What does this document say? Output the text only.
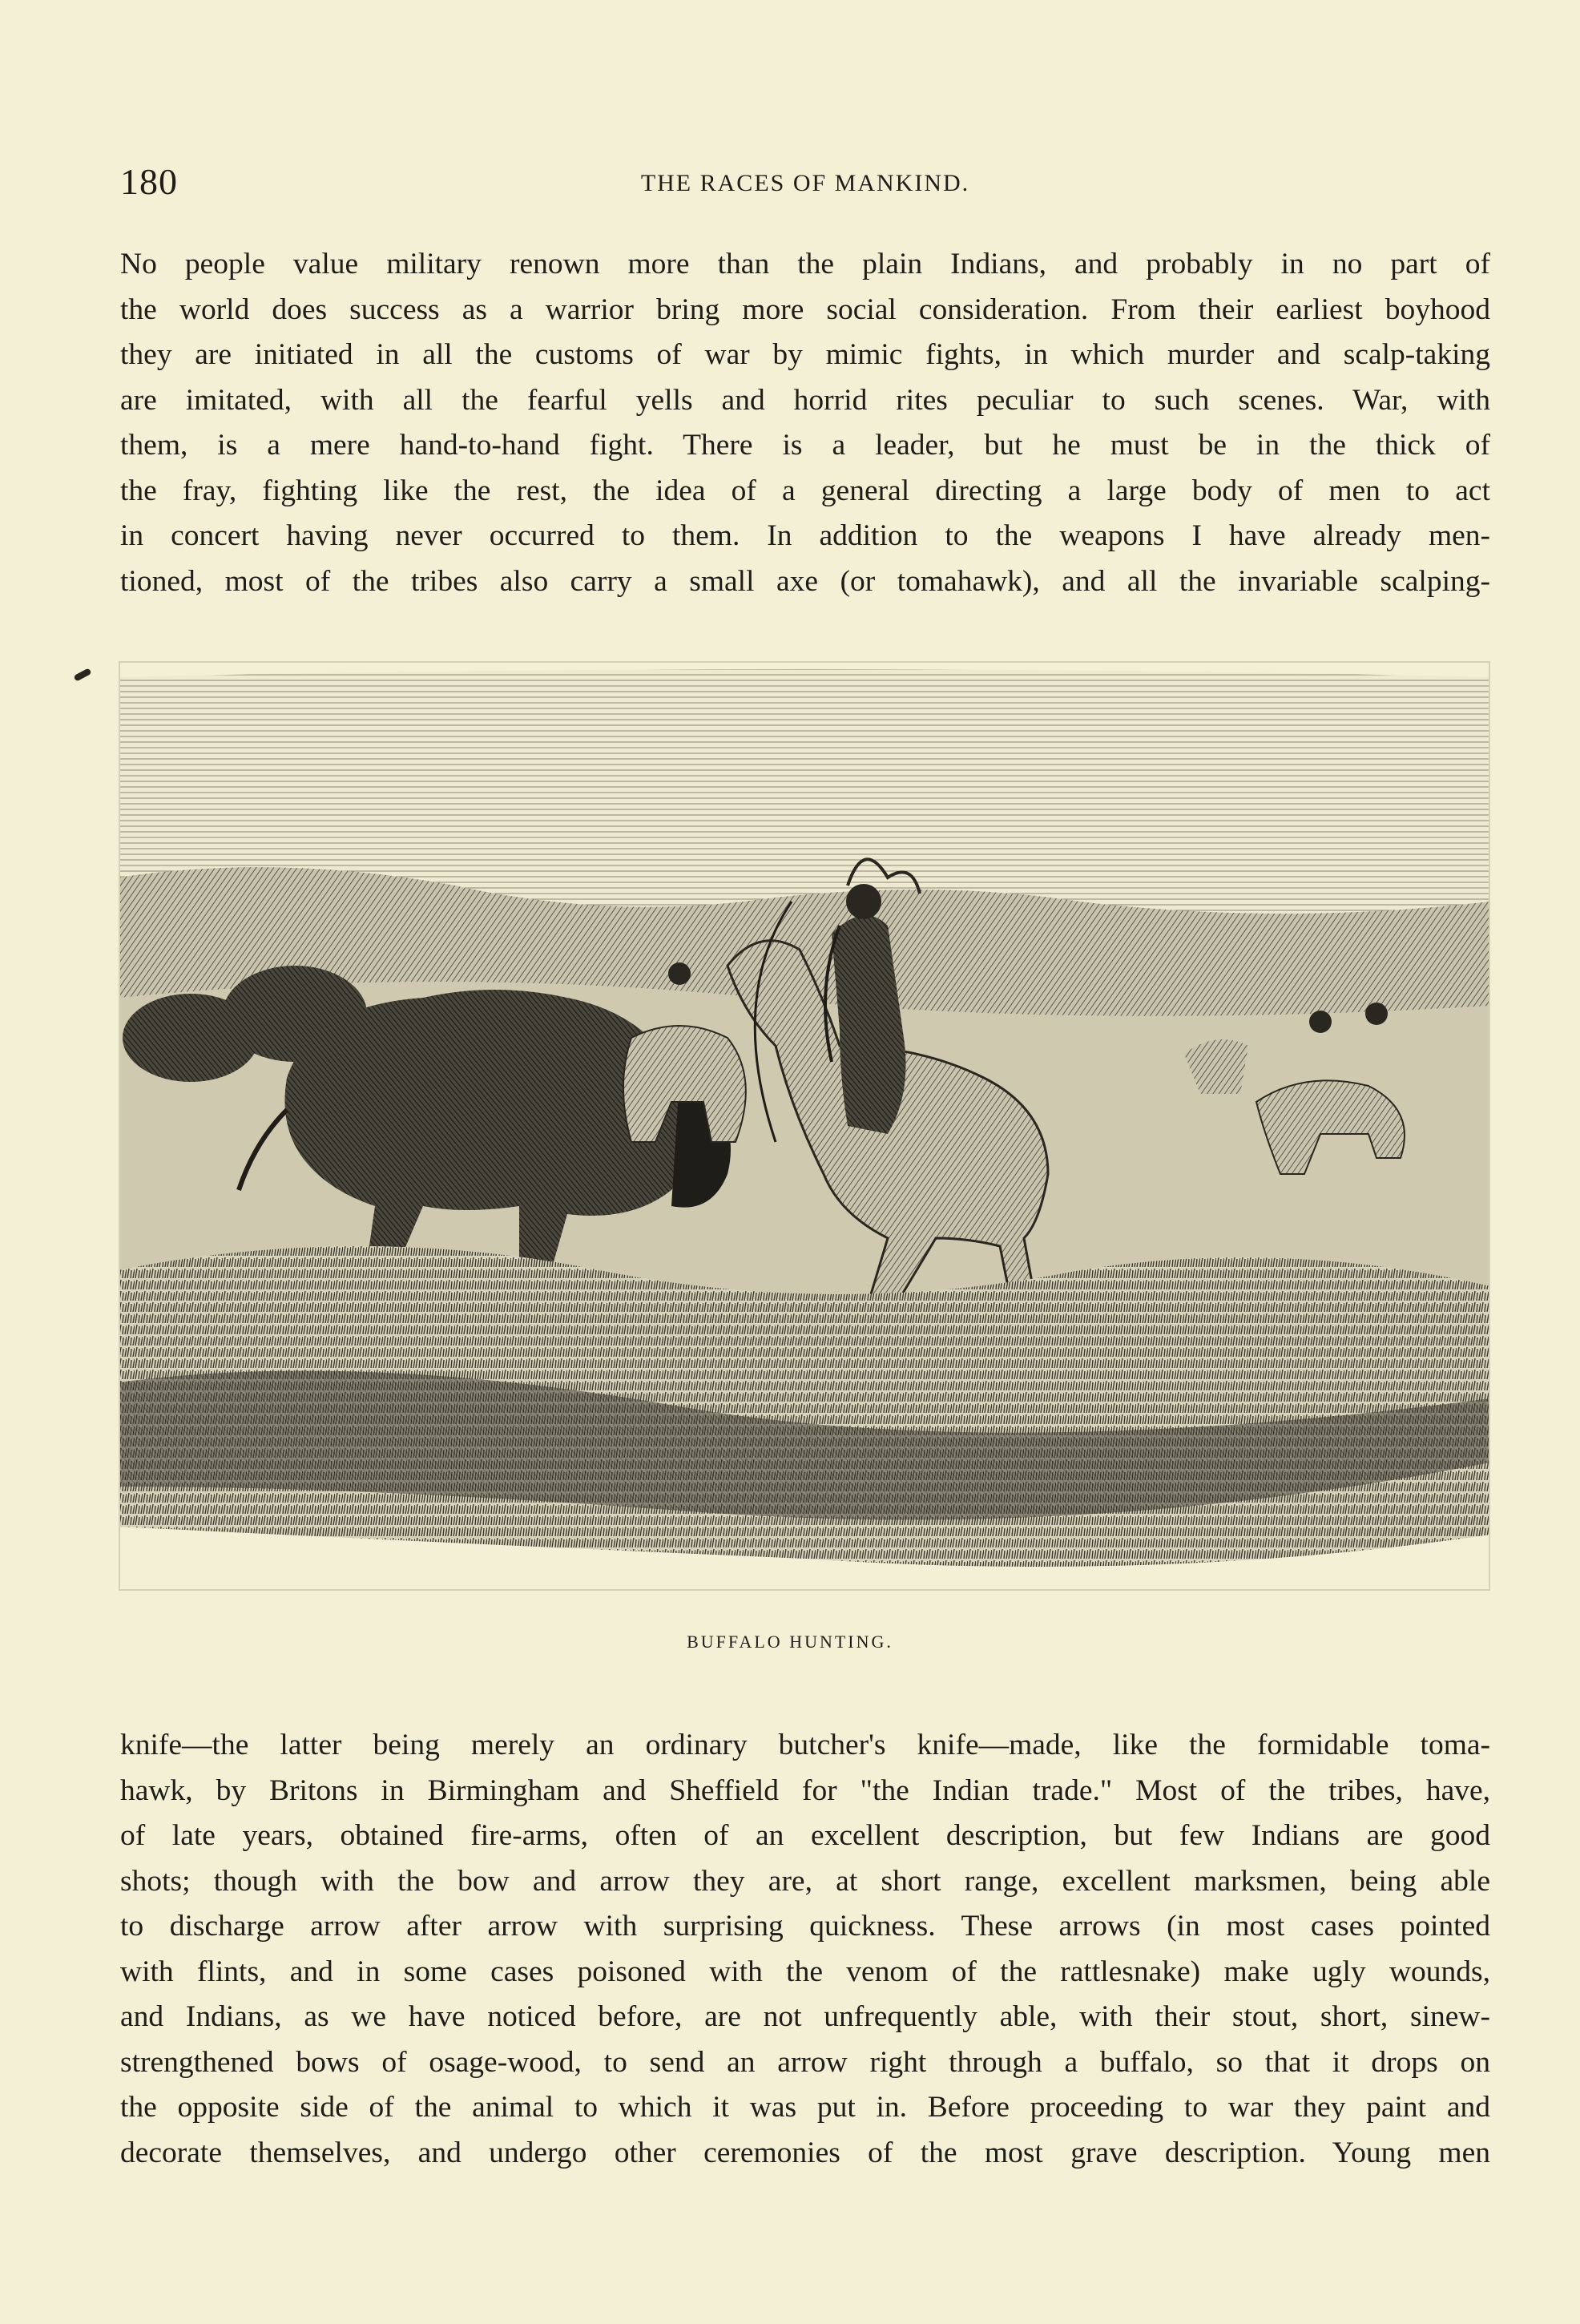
180	THE RACES OF MANKIND.
No people value military renown more than the plain Indians, and probably in no part of
the world does success as a warrior bring more social consideration. From their earliest boyhood
they are initiated in all the customs of war by mimic fights, in which murder and scalp-taking
are imitated, with all the fearful yells and horrid rites peculiar to such scenes. War, with
them, is a mere hand-to-hand fight. There is a leader, but he must be in the thick of
the fray, fighting like the rest, the idea of a general directing a large body of men to act
in concert having never occurred to them. In addition to the weapons I have already men-
tioned, most of the tribes also carry a small axe (or tomahawk), and all the invariable scalping-
BUFFALO HUNTING.
knife—the latter being merely an ordinary butcher's knife—made, like the formidable toma-
hawk, by Britons in Birmingham and Sheffield for "the Indian trade." Most of the tribes, have,
of late years, obtained fire-arms, often of an excellent description, but few Indians are good
shots; though with the bow and arrow they are, at short range, excellent marksmen, being able
to discharge arrow after arrow with surprising quickness. These arrows (in most cases pointed
with flints, and in some cases poisoned with the venom of the rattlesnake) make ugly wounds,
and Indians, as we have noticed before, are not unfrequently able, with their stout, short, sinew-
strengthened bows of osage-wood, to send an arrow right through a buffalo, so that it drops on
the opposite side of the animal to which it was put in. Before proceeding to war they paint and
decorate themselves, and undergo other ceremonies of the most grave description. Young men
